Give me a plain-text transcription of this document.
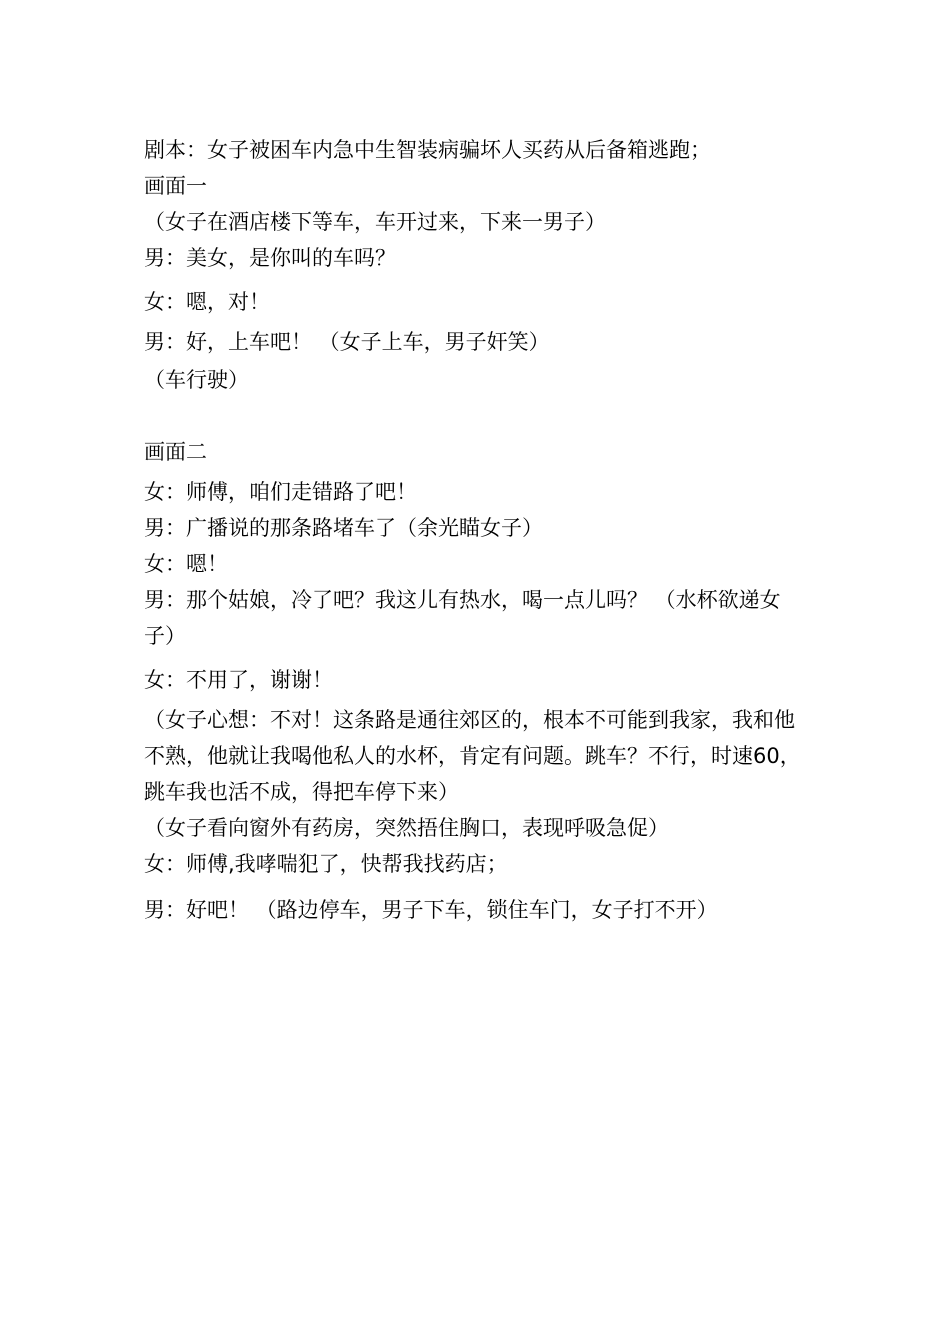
剧本：女子被困车内急中生智装病骗坏人买药从后备箱逃跑；
画面一
（女子在酒店楼下等车，车开过来，下来一男子）
男：美女，是你叫的车吗？
女：嗯，对！
男：好，上车吧！ （女子上车，男子奸笑）
（车行驶）
画面二
女：师傅，咱们走错路了吧！
男：广播说的那条路堵车了（余光瞄女子）
女：嗯！
男：那个姑娘，冷了吧？我这儿有热水，喝一点儿吗？ （水杯欲递女子）
女：不用了，谢谢！
（女子心想：不对！这条路是通往郊区的，根本不可能到我家，我和他不熟，他就让我喝他私人的水杯，肯定有问题。跳车？不行，时速60，跳车我也活不成，得把车停下来）
（女子看向窗外有药房，突然捂住胸口，表现呼吸急促）
女：师傅,我哮喘犯了，快帮我找药店；
男：好吧！ （路边停车，男子下车，锁住车门，女子打不开）
